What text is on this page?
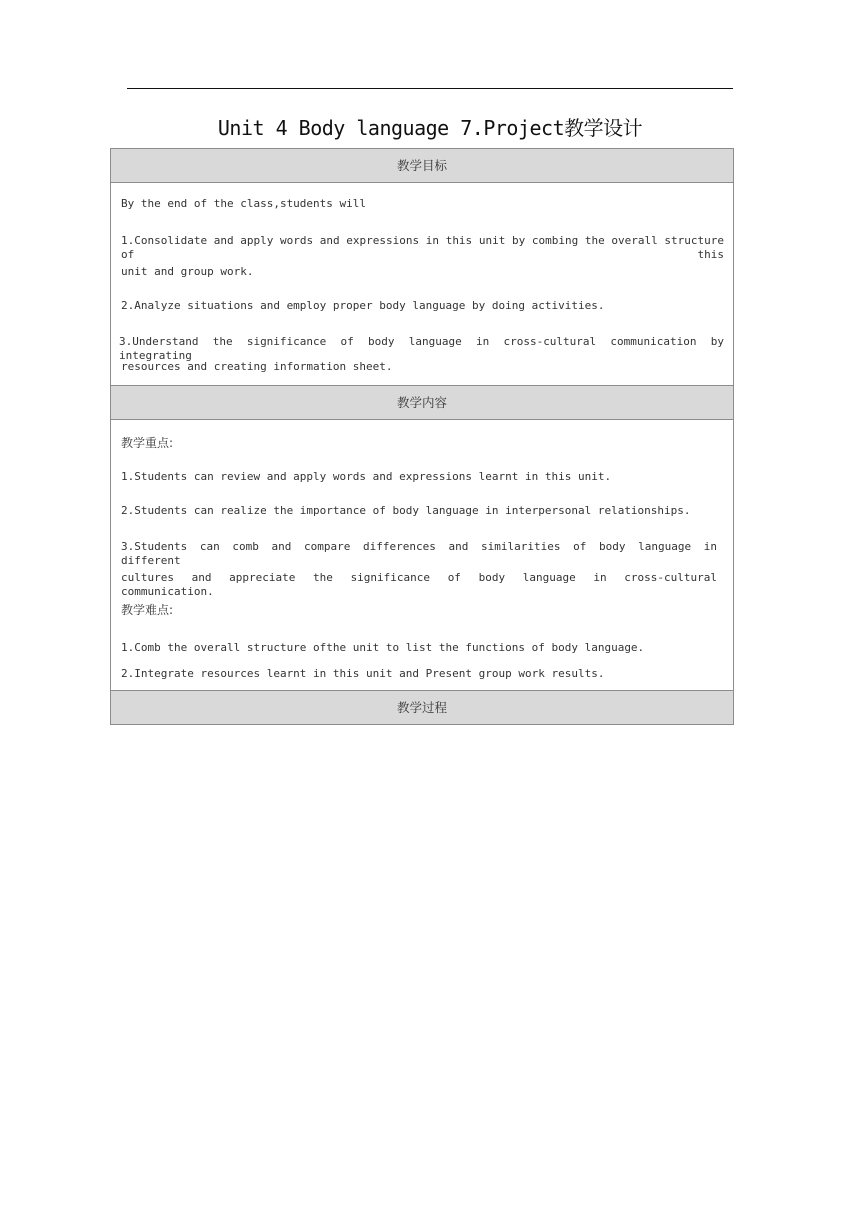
Unit 4 Body language 7.Project教学设计
教学目标
By the end of the class,students will
1.Consolidate and apply words and expressions in this unit by combing the overall structure of this
unit and group work.
2.Analyze situations and employ proper body language by doing activities.
3.Understand the significance of body language in cross-cultural communication by integrating
resources and creating information sheet.
教学内容
教学重点:
1.Students can review and apply words and expressions learnt in this unit.
2.Students can realize the importance of body language in interpersonal relationships.
3.Students can comb and compare differences and similarities of body language in different
cultures and appreciate the significance of body language in cross-cultural communication.
教学难点:
1.Comb the overall structure ofthe unit to list the functions of body language.
2.Integrate resources learnt in this unit and Present group work results.
教学过程
